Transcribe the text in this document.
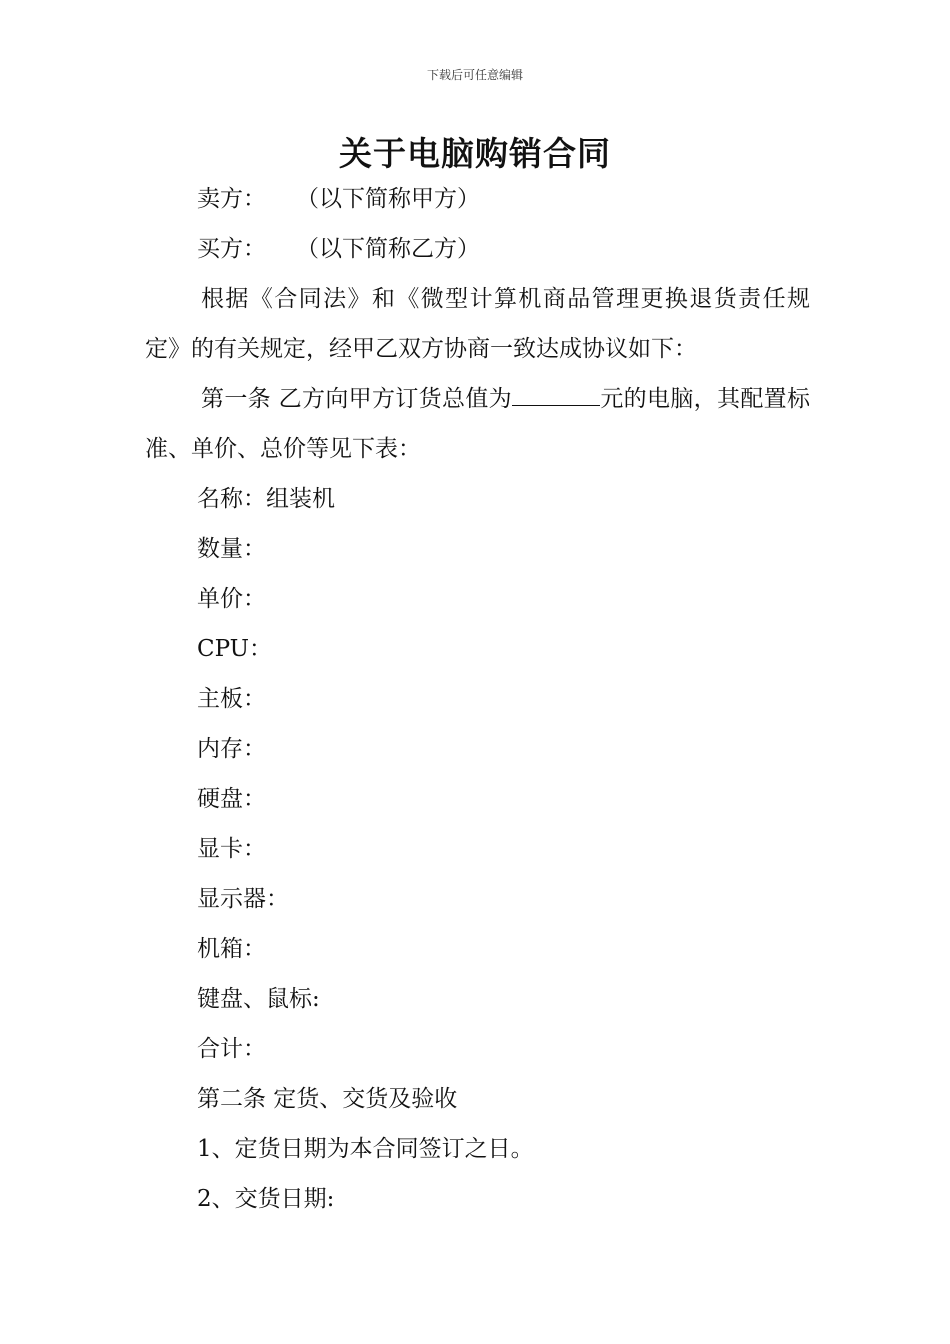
下载后可任意编辑
关于电脑购销合同
卖方： （以下简称甲方）
买方： （以下简称乙方）
根据《合同法》和《微型计算机商品管理更换退货责任规定》的有关规定，经甲乙双方协商一致达成协议如下：
第一条 乙方向甲方订货总值为	元的电脑，其配置标准、单价、总价等见下表：
名称：组装机
数量：
单价：
CPU：
主板：
内存：
硬盘：
显卡：
显示器：
机箱：
键盘、鼠标:
合计：
第二条 定货、交货及验收
1、定货日期为本合同签订之日。
2、交货日期:
